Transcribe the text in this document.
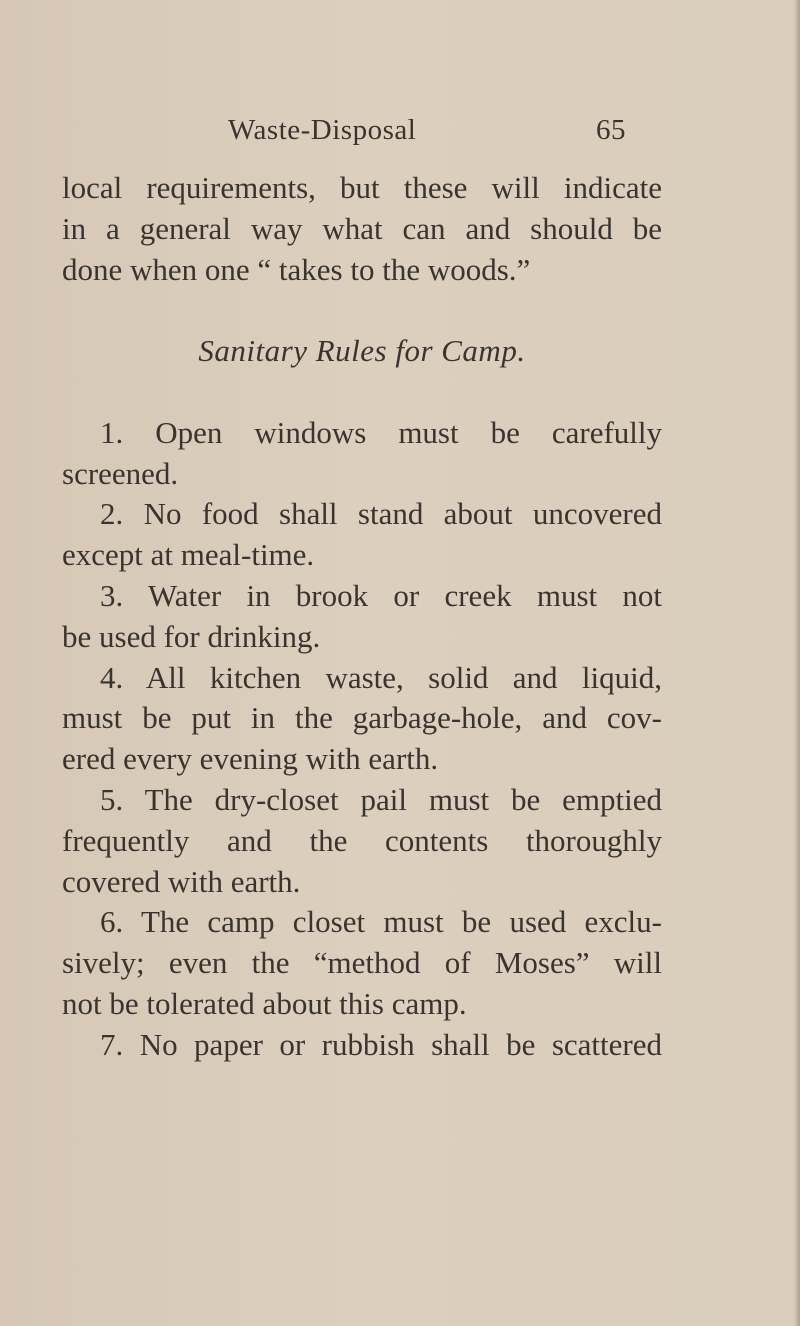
Waste-Disposal	65
local requirements, but these will indicate
in a general way what can and should be
done when one “ takes to the woods.”
Sanitary Rules for Camp.
1. Open windows must be carefully
screened.
2. No food shall stand about uncovered
except at meal-time.
3. Water in brook or creek must not
be used for drinking.
4. All kitchen waste, solid and liquid,
must be put in the garbage-hole, and cov-
ered every evening with earth.
5. The dry-closet pail must be emptied
frequently and the contents thoroughly
covered with earth.
6. The camp closet must be used exclu-
sively; even the “method of Moses” will
not be tolerated about this camp.
7. No paper or rubbish shall be scattered
